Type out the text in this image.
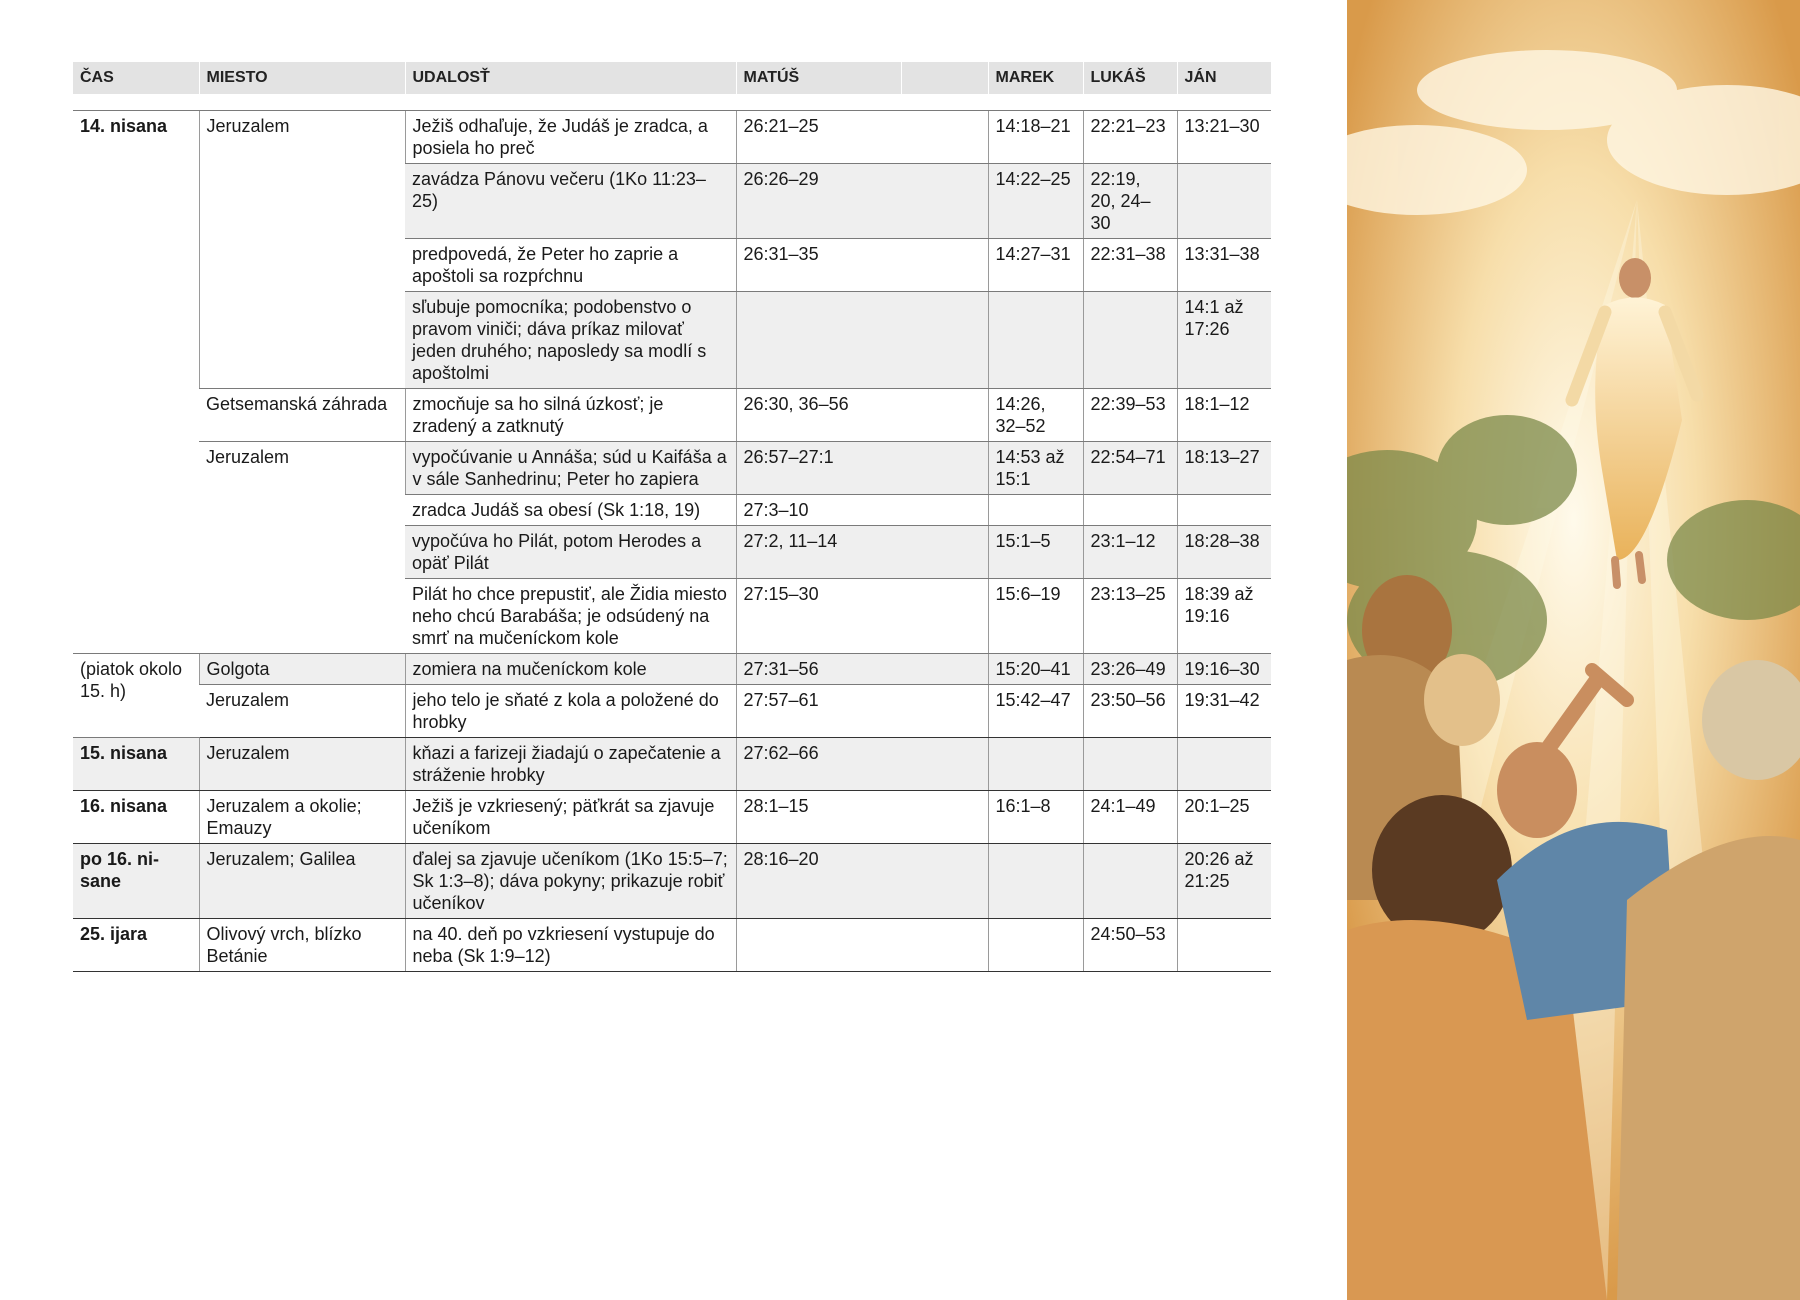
ČAS	MIESTO	UDALOSŤ	MATÚŠ		MAREK	LUKÁŠ	JÁN

14. nisana	Jeruzalem	Ježiš odhaľuje, že Judáš je zradca, a posiela ho preč	26:21–25		14:18–21	22:21–23	13:21–30
		zavádza Pánovu večeru (1Ko 11:23–25)	26:26–29		14:22–25	22:19, 20, 24–30	
		predpovedá, že Peter ho zaprie a apoštoli sa rozpŕchnu	26:31–35		14:27–31	22:31–38	13:31–38
		sľubuje pomocníka; podobenstvo o pravom viniči; dáva príkaz milovať jeden druhého; naposledy sa modlí s apoštolmi					14:1 až 17:26
	Getsemanská záhrada	zmocňuje sa ho silná úzkosť; je zradený a zatknutý	26:30, 36–56		14:26, 32–52	22:39–53	18:1–12
	Jeruzalem	vypočúvanie u Annáša; súd u Kaifáša a v sále Sanhedrinu; Peter ho zapiera	26:57–27:1		14:53 až 15:1	22:54–71	18:13–27
		zradca Judáš sa obesí (Sk 1:18, 19)	27:3–10				
		vypočúva ho Pilát, potom Herodes a opäť Pilát	27:2, 11–14		15:1–5	23:1–12	18:28–38
		Pilát ho chce prepustiť, ale Židia miesto neho chcú Barabáša; je odsúdený na smrť na mučeníckom kole	27:15–30		15:6–19	23:13–25	18:39 až 19:16
(piatok okolo 15. h)	Golgota	zomiera na mučeníckom kole	27:31–56		15:20–41	23:26–49	19:16–30
	Jeruzalem	jeho telo je sňaté z kola a položené do hrobky	27:57–61		15:42–47	23:50–56	19:31–42
15. nisana	Jeruzalem	kňazi a farizeji žiadajú o zapečatenie a stráženie hrobky	27:62–66				
16. nisana	Jeruzalem a okolie; Emauzy	Ježiš je vzkriesený; päťkrát sa zjavuje učeníkom	28:1–15		16:1–8	24:1–49	20:1–25
po 16. nisane	Jeruzalem; Galilea	ďalej sa zjavuje učeníkom (1Ko 15:5–7; Sk 1:3–8); dáva pokyny; prikazuje robiť učeníkov	28:16–20				20:26 až 21:25
25. ijara	Olivový vrch, blízko Betánie	na 40. deň po vzkriesení vystupuje do neba (Sk 1:9–12)				24:50–53	
